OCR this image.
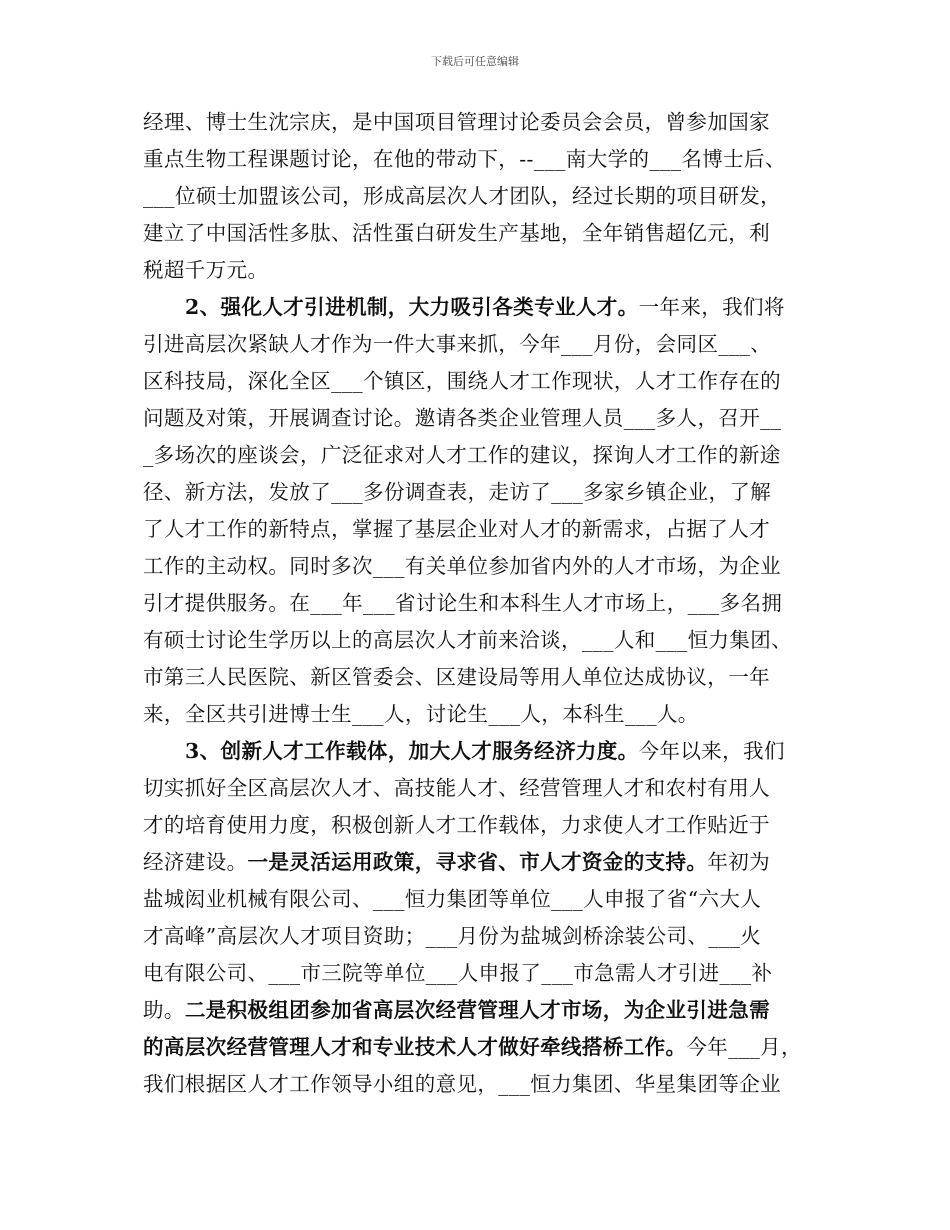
下载后可任意编辑
经理、博士生沈宗庆，是中国项目管理讨论委员会会员，曾参加国家
重点生物工程课题讨论，在他的带动下，--___南大学的___名博士后、
___位硕士加盟该公司，形成高层次人才团队，经过长期的项目研发，
建立了中国活性多肽、活性蛋白研发生产基地，全年销售超亿元，利
税超千万元。
2、强化人才引进机制，大力吸引各类专业人才。一年来，我们将
引进高层次紧缺人才作为一件大事来抓，今年___月份，会同区___、
区科技局，深化全区___个镇区，围绕人才工作现状，人才工作存在的
问题及对策，开展调查讨论。邀请各类企业管理人员___多人，召开__
_多场次的座谈会，广泛征求对人才工作的建议，探询人才工作的新途
径、新方法，发放了___多份调查表，走访了___多家乡镇企业，了解
了人才工作的新特点，掌握了基层企业对人才的新需求，占据了人才
工作的主动权。同时多次___有关单位参加省内外的人才市场，为企业
引才提供服务。在___年___省讨论生和本科生人才市场上，___多名拥
有硕士讨论生学历以上的高层次人才前来洽谈，___人和___恒力集团、
市第三人民医院、新区管委会、区建设局等用人单位达成协议，一年
来，全区共引进博士生___人，讨论生___人，本科生___人。
3、创新人才工作载体，加大人才服务经济力度。今年以来，我们
切实抓好全区高层次人才、高技能人才、经营管理人才和农村有用人
才的培育使用力度，积极创新人才工作载体，力求使人才工作贴近于
经济建设。一是灵活运用政策，寻求省、市人才资金的支持。年初为
盐城闳业机械有限公司、___恒力集团等单位___人申报了省“六大人
才高峰”高层次人才项目资助；___月份为盐城剑桥涂装公司、___火
电有限公司、___市三院等单位___人申报了___市急需人才引进___补
助。二是积极组团参加省高层次经营管理人才市场，为企业引进急需
的高层次经营管理人才和专业技术人才做好牵线搭桥工作。今年___月，
我们根据区人才工作领导小组的意见，___恒力集团、华星集团等企业
